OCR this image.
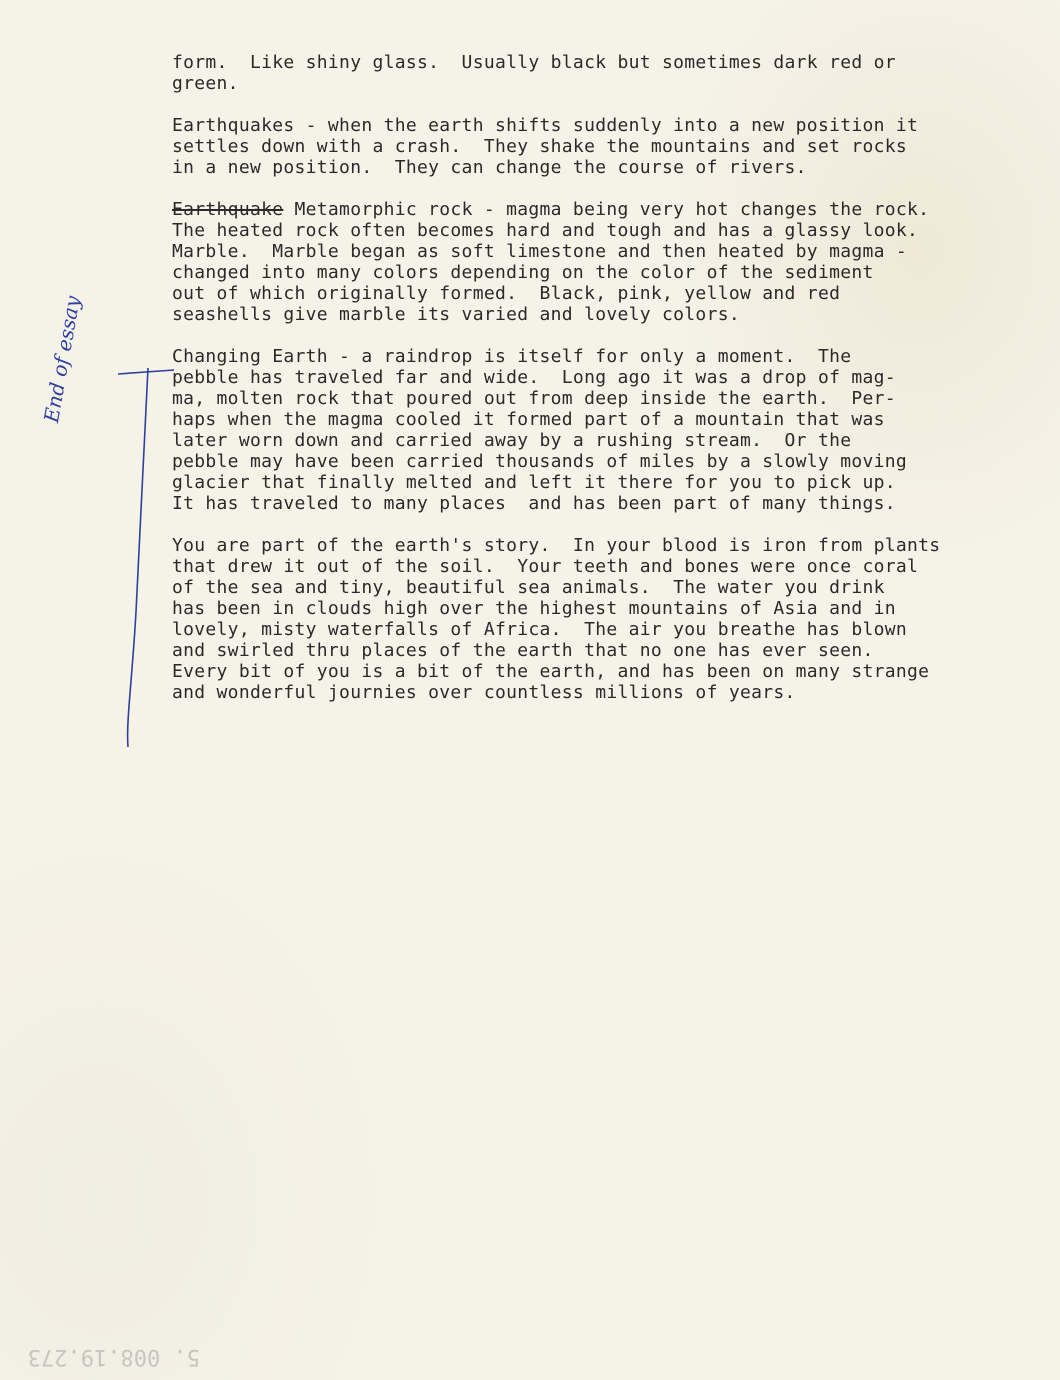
form.  Like shiny glass.  Usually black but sometimes dark red or
green.
Earthquakes - when the earth shifts suddenly into a new position it
settles down with a crash.  They shake the mountains and set rocks
in a new position.  They can change the course of rivers.
Earthquake Metamorphic rock - magma being very hot changes the rock.
The heated rock often becomes hard and tough and has a glassy look.
Marble.  Marble began as soft limestone and then heated by magma -
changed into many colors depending on the color of the sediment
out of which originally formed.  Black, pink, yellow and red
seashells give marble its varied and lovely colors.
Changing Earth - a raindrop is itself for only a moment.  The
pebble has traveled far and wide.  Long ago it was a drop of mag-
ma, molten rock that poured out from deep inside the earth.  Per-
haps when the magma cooled it formed part of a mountain that was
later worn down and carried away by a rushing stream.  Or the
pebble may have been carried thousands of miles by a slowly moving
glacier that finally melted and left it there for you to pick up.
It has traveled to many places  and has been part of many things.
You are part of the earth's story.  In your blood is iron from plants
that drew it out of the soil.  Your teeth and bones were once coral
of the sea and tiny, beautiful sea animals.  The water you drink
has been in clouds high over the highest mountains of Asia and in
lovely, misty waterfalls of Africa.  The air you breathe has blown
and swirled thru places of the earth that no one has ever seen.
Every bit of you is a bit of the earth, and has been on many strange
and wonderful journies over countless millions of years.
End of essay
5. 008.19.273
